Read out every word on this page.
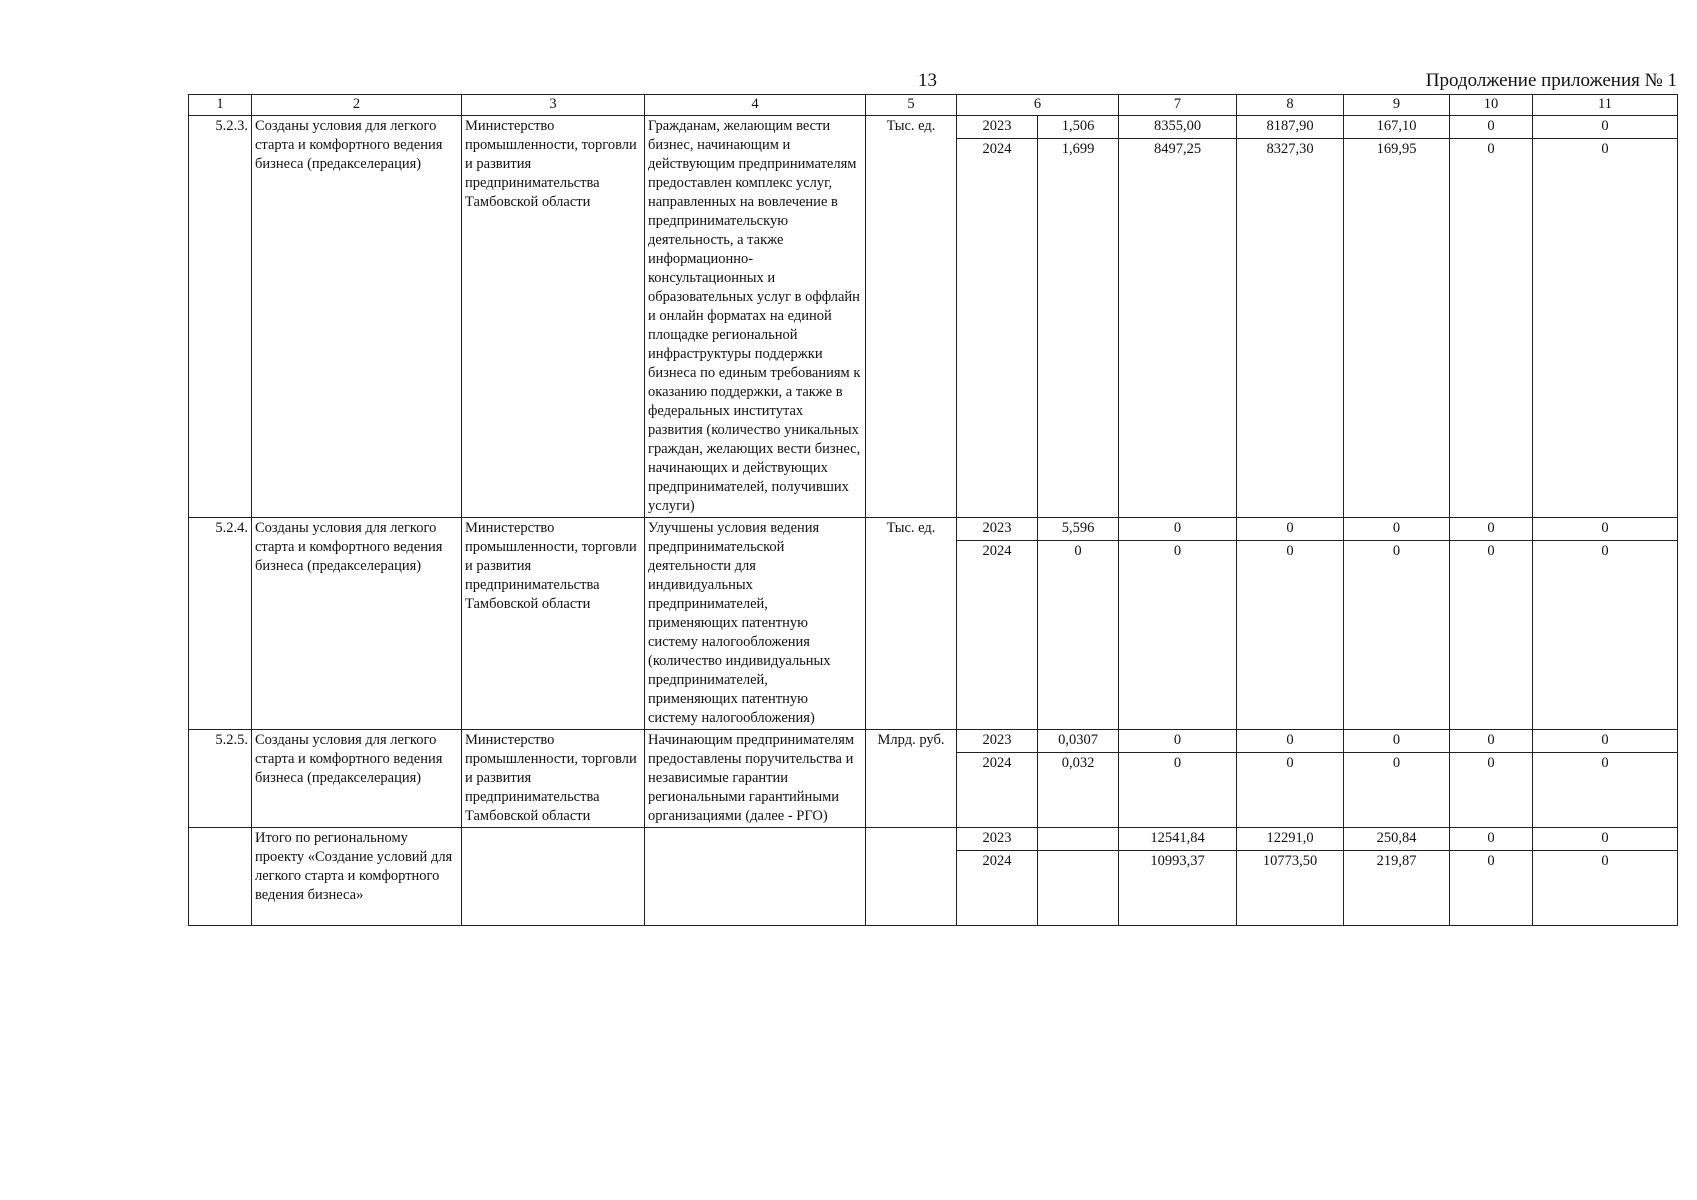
13	Продолжение приложения № 1
1	2	3	4	5	6		7	8	9	10	11
5.2.3.	Созданы условия для легкого старта и комфортного ведения бизнеса (предакселерация)	Министерство промышленности, торговли и развития предпринимательства Тамбовской области	Гражданам, желающим вести бизнес, начинающим и действующим предпринимателям предоставлен комплекс услуг, направленных на вовлечение в предпринимательскую деятельность, а также информационно-консультационных и образовательных услуг в оффлайн и онлайн форматах на единой площадке региональной инфраструктуры поддержки бизнеса по единым требованиям к оказанию поддержки, а также в федеральных институтах развития (количество уникальных граждан, желающих вести бизнес, начинающих и действующих предпринимателей, получивших услуги)	Тыс. ед.	2023	1,506	8355,00	8187,90	167,10	0	0
					2024	1,699	8497,25	8327,30	169,95	0	0
5.2.4.	Созданы условия для легкого старта и комфортного ведения бизнеса (предакселерация)	Министерство промышленности, торговли и развития предпринимательства Тамбовской области	Улучшены условия ведения предпринимательской деятельности для индивидуальных предпринимателей, применяющих патентную систему налогообложения (количество индивидуальных предпринимателей, применяющих патентную систему налогообложения)	Тыс. ед.	2023	5,596	0	0	0	0	0
					2024	0	0	0	0	0	0
5.2.5.	Созданы условия для легкого старта и комфортного ведения бизнеса (предакселерация)	Министерство промышленности, торговли и развития предпринимательства Тамбовской области	Начинающим предпринимателям предоставлены поручительства и независимые гарантии региональными гарантийными организациями (далее - РГО)	Млрд. руб.	2023	0,0307	0	0	0	0	0
					2024	0,032	0	0	0	0	0
	Итого по региональному проекту «Создание условий для легкого старта и комфортного ведения бизнеса»				2023		12541,84	12291,0	250,84	0	0
					2024		10993,37	10773,50	219,87	0	0
